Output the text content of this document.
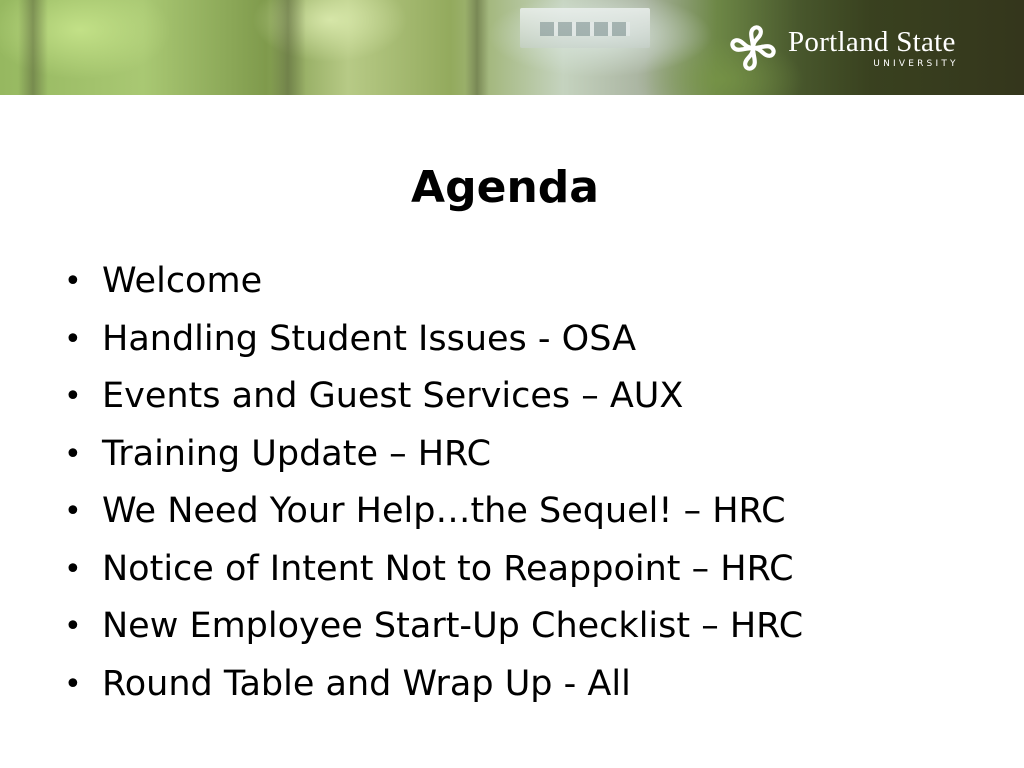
Portland State
UNIVERSITY
Agenda
• Welcome
• Handling Student Issues - OSA
• Events and Guest Services – AUX
• Training Update – HRC
• We Need Your Help…the Sequel! – HRC
• Notice of Intent Not to Reappoint – HRC
• New Employee Start-Up Checklist – HRC
• Round Table and Wrap Up - All
